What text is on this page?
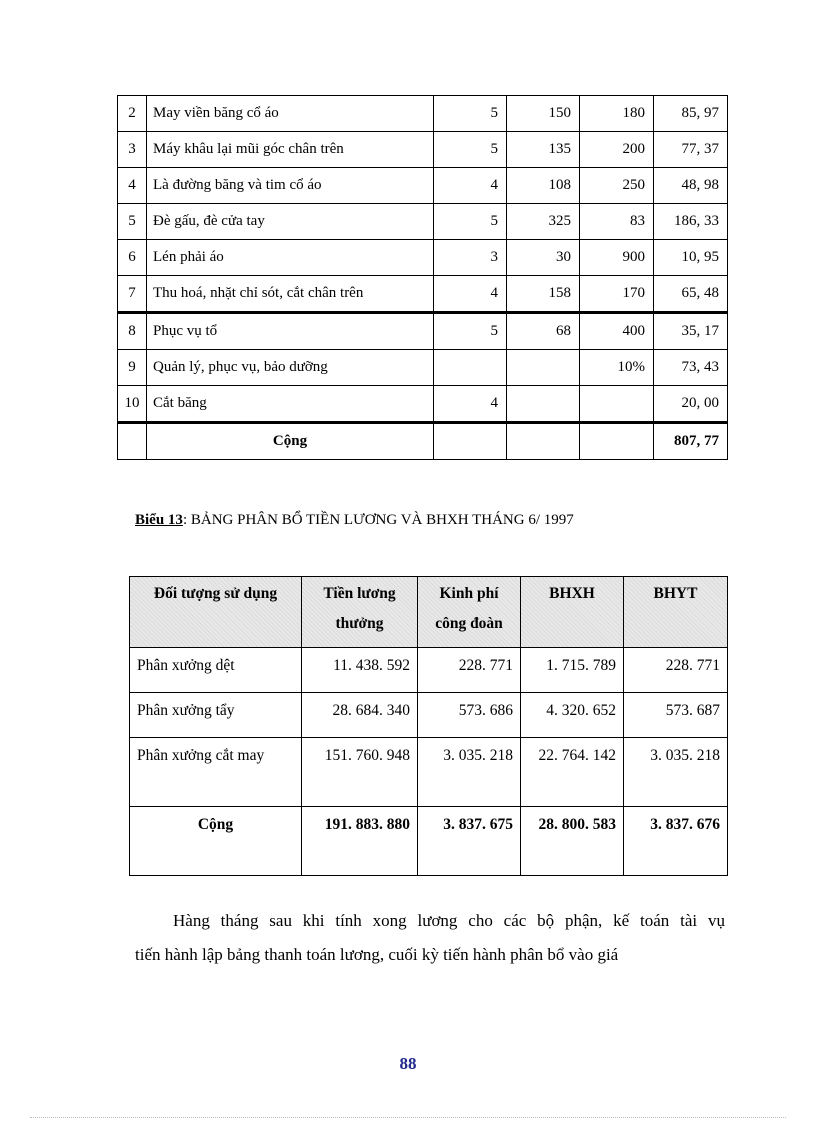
2	May viền băng cổ áo	5	150	180	85, 97
3	Máy khâu lại mũi góc chân trên	5	135	200	77, 37
4	Là đường băng và tim cổ áo	4	108	250	48, 98
5	Đè gấu, đè cửa tay	5	325	83	186, 33
6	Lén phải áo	3	30	900	10, 95
7	Thu hoá, nhặt chỉ sót, cắt chân trên	4	158	170	65, 48
8	Phục vụ tổ	5	68	400	35, 17
9	Quản lý, phục vụ, bảo dưỡng			10%	73, 43
10	Cắt băng	4			20, 00
	Cộng				807, 77
Biểu 13: BẢNG PHÂN BỔ TIỀN LƯƠNG VÀ BHXH THÁNG 6/ 1997
Đối tượng sử dụng	Tiền lương thưởng	Kinh phí công đoàn	BHXH	BHYT
Phân xưởng dệt	11. 438. 592	228. 771	1. 715. 789	228. 771
Phân xưởng tẩy	28. 684. 340	573. 686	4. 320. 652	573. 687
Phân xưởng cắt may	151. 760. 948	3. 035. 218	22. 764. 142	3. 035. 218
Cộng	191. 883. 880	3. 837. 675	28. 800. 583	3. 837. 676
Hàng tháng sau khi tính xong lương cho các bộ phận, kế toán tài vụ
tiến hành lập bảng thanh toán lương, cuối kỳ tiến hành phân bổ vào giá
88
